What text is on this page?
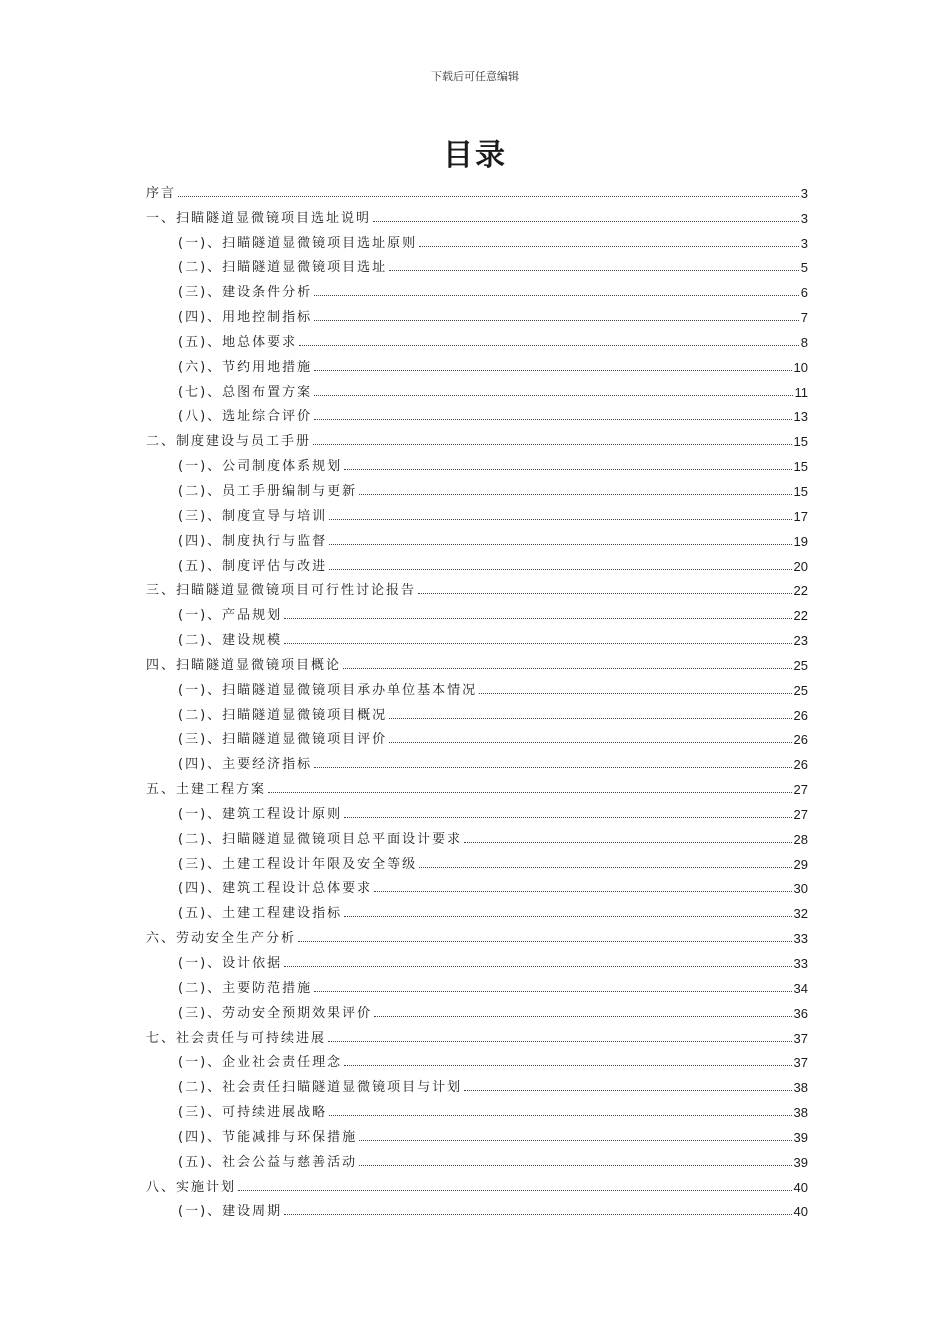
下载后可任意编辑
目录
序言	3
一、扫瞄隧道显微镜项目选址说明	3
(一)、扫瞄隧道显微镜项目选址原则	3
(二)、扫瞄隧道显微镜项目选址	5
(三)、建设条件分析	6
(四)、用地控制指标	7
(五)、地总体要求	8
(六)、节约用地措施	10
(七)、总图布置方案	11
(八)、选址综合评价	13
二、制度建设与员工手册	15
(一)、公司制度体系规划	15
(二)、员工手册编制与更新	15
(三)、制度宣导与培训	17
(四)、制度执行与监督	19
(五)、制度评估与改进	20
三、扫瞄隧道显微镜项目可行性讨论报告	22
(一)、产品规划	22
(二)、建设规模	23
四、扫瞄隧道显微镜项目概论	25
(一)、扫瞄隧道显微镜项目承办单位基本情况	25
(二)、扫瞄隧道显微镜项目概况	26
(三)、扫瞄隧道显微镜项目评价	26
(四)、主要经济指标	26
五、土建工程方案	27
(一)、建筑工程设计原则	27
(二)、扫瞄隧道显微镜项目总平面设计要求	28
(三)、土建工程设计年限及安全等级	29
(四)、建筑工程设计总体要求	30
(五)、土建工程建设指标	32
六、劳动安全生产分析	33
(一)、设计依据	33
(二)、主要防范措施	34
(三)、劳动安全预期效果评价	36
七、社会责任与可持续进展	37
(一)、企业社会责任理念	37
(二)、社会责任扫瞄隧道显微镜项目与计划	38
(三)、可持续进展战略	38
(四)、节能减排与环保措施	39
(五)、社会公益与慈善活动	39
八、实施计划	40
(一)、建设周期	40
